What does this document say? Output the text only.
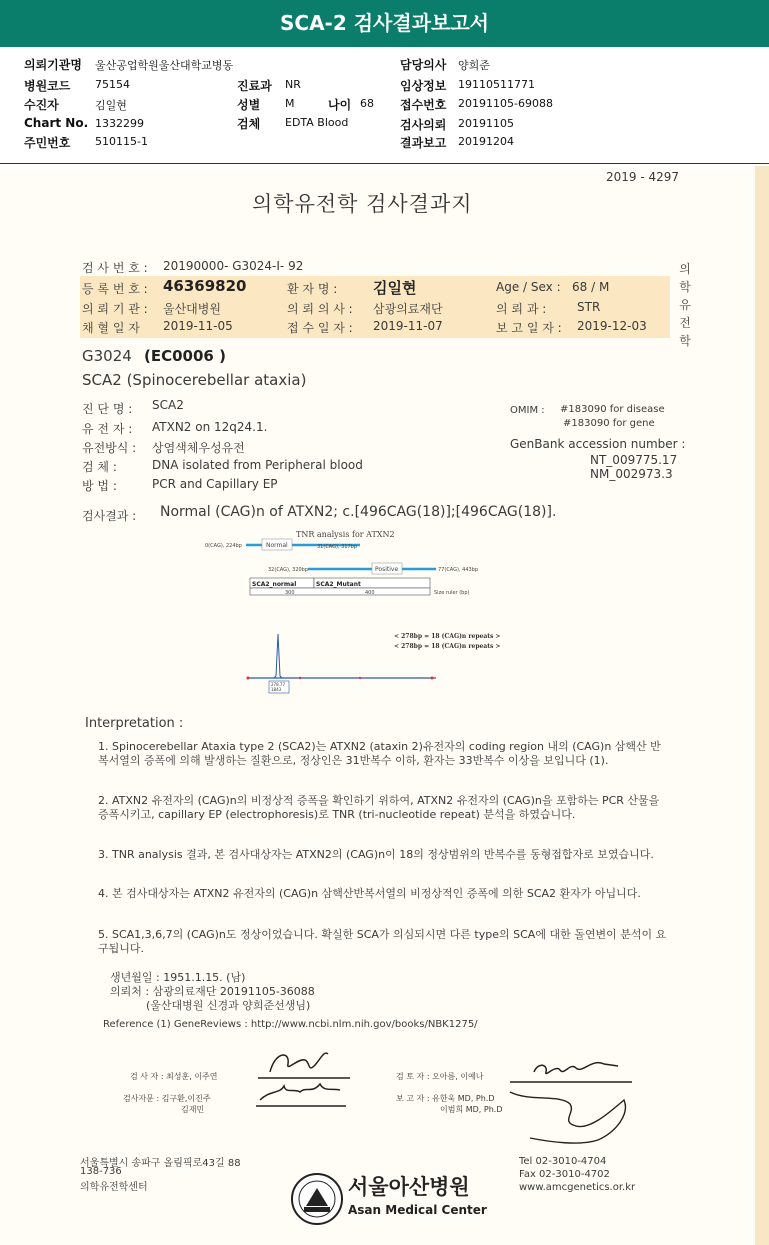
SCA-2 검사결과보고서
의뢰기관명 울산공업학원울산대학교병동	담당의사 양희준
병원코드 75154	진료과 NR	임상정보 19110511771
수진자	김일현	성별 M	나이 68 접수번호 20191105-69088
Chart No. 1332299	검체 EDTA Blood	검사의뢰 20191105
주민번호 510115-1	결과보고 20191204
2019 - 4297
의학유전학 검사결과지
검 사 번 호 : 20190000- G3024-I- 92
등 록 번 호 : 46369820	환 자 명 : 김일현	Age / Sex : 68 / M
의 뢰 기 관 : 울산대병원	의 뢰 의 사 : 삼광의료재단	의 뢰 과 :	STR
채 혈 일 자 2019-11-05	접 수 일 자 : 2019-11-07	보 고 일 자 : 2019-12-03
의학유전학
G3024 (EC0006 )
SCA2 (Spinocerebellar ataxia)
진 단 명 : SCA2
유 전 자 : ATXN2 on 12q24.1.
유전방식 : 상염색체우성유전
검 체 :	DNA isolated from Peripheral blood
방 법 :	PCR and Capillary EP
OMIM : #183090 for disease
#183090 for gene
GenBank accession number :
NT_009775.17
NM_002973.3
검사결과 : Normal (CAG)n of ATXN2; c.[496CAG(18)];[496CAG(18)].
TNR analysis for ATXN2
Normal
0(CAG), 224bp	31(CAG), 317bp
Positive
32(CAG), 320bp	77(CAG), 443bp
SCA2_normal	SCA2_Mutant
300	400	Size ruler (bp)
< 278bp = 18 (CAG)n repeats >
< 278bp = 18 (CAG)n repeats >
278.77
1843
Interpretation :
1. Spinocerebellar Ataxia type 2 (SCA2)는 ATXN2 (ataxin 2)유전자의 coding region 내의 (CAG)n 삼핵산 반복서열의 증폭에 의해 발생하는 질환으로, 정상인은 31반복수 이하, 환자는 33반복수 이상을 보입니다 (1).
2. ATXN2 유전자의 (CAG)n의 비정상적 증폭을 확인하기 위하여, ATXN2 유전자의 (CAG)n을 포함하는 PCR 산물을 증폭시키고, capillary EP (electrophoresis)로 TNR (tri-nucleotide repeat) 분석을 하였습니다.
3. TNR analysis 결과, 본 검사대상자는 ATXN2의 (CAG)n이 18의 정상범위의 반복수를 동형접합자로 보였습니다.
4. 본 검사대상자는 ATXN2 유전자의 (CAG)n 삼핵산반복서열의 비정상적인 증폭에 의한 SCA2 환자가 아닙니다.
5. SCA1,3,6,7의 (CAG)n도 정상이었습니다. 확실한 SCA가 의심되시면 다른 type의 SCA에 대한 돌연변이 분석이 요구됩니다.
생년월일 : 1951.1.15. (남)
의뢰처 : 삼광의료재단 20191105-36088
(울산대병원 신경과 양희준선생님)
Reference (1) GeneReviews : http://www.ncbi.nlm.nih.gov/books/NBK1275/
검 사 자 : 최성훈, 이주연	검 토 자 : 오아름, 이예나
검사자문 : 김구환,이진주
김재민
보 고 자 : 유한욱 MD, Ph.D
이범희 MD, Ph.D
서울특별시 송파구 올림픽로43길 88
138-736
의학유전학센터
Tel 02-3010-4704
Fax 02-3010-4702
www.amcgenetics.or.kr
서울아산병원
Asan Medical Center
